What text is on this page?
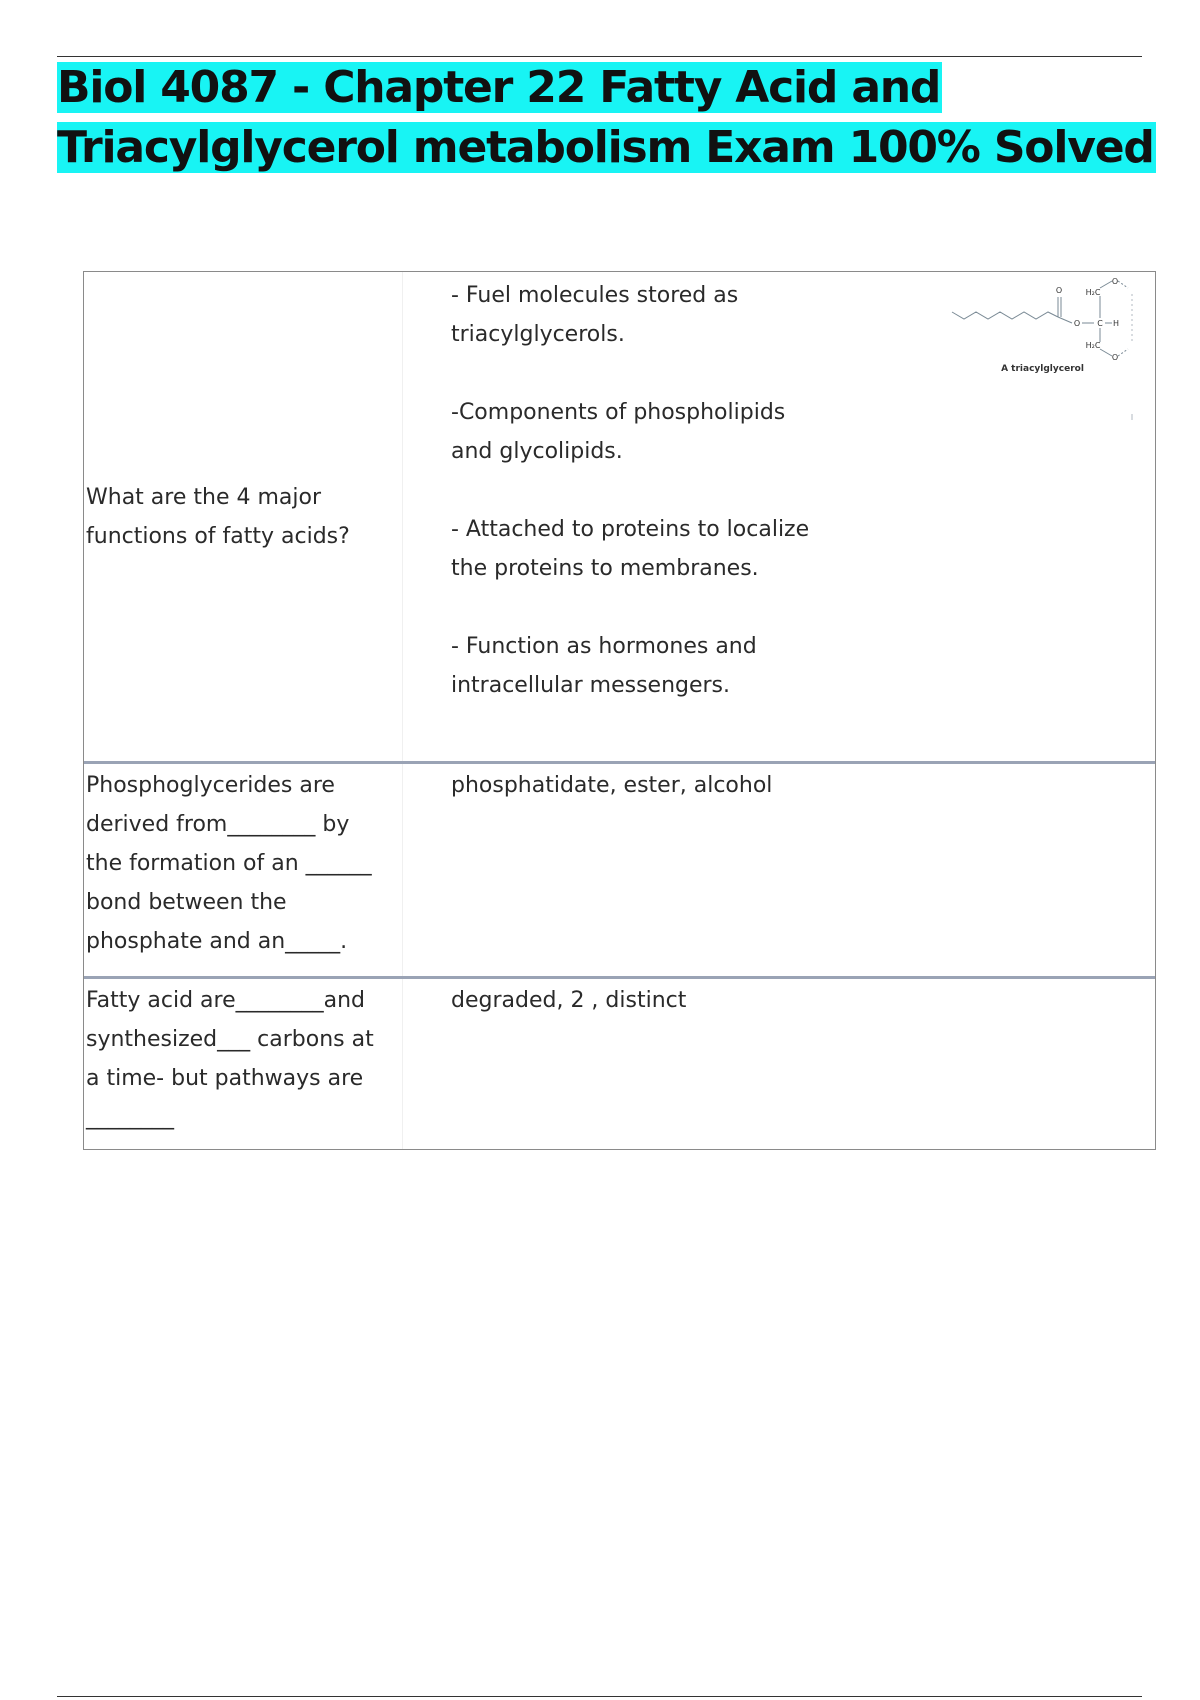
Biol 4087 - Chapter 22 Fatty Acid and
Triacylglycerol metabolism Exam 100% Solved
What are the 4 major functions of fatty acids?
- Fuel molecules stored as triacylglycerols.
-Components of phospholipids and glycolipids.
- Attached to proteins to localize the proteins to membranes.
- Function as hormones and intracellular messengers.
O	H₂C
O
O C H
H₂C
O
A triacylglycerol
Phosphoglycerides are derived from________ by the formation of an ______ bond between the phosphate and an_____.
phosphatidate, ester, alcohol
Fatty acid are________and synthesized___ carbons at a time- but pathways are ________
degraded, 2 , distinct
